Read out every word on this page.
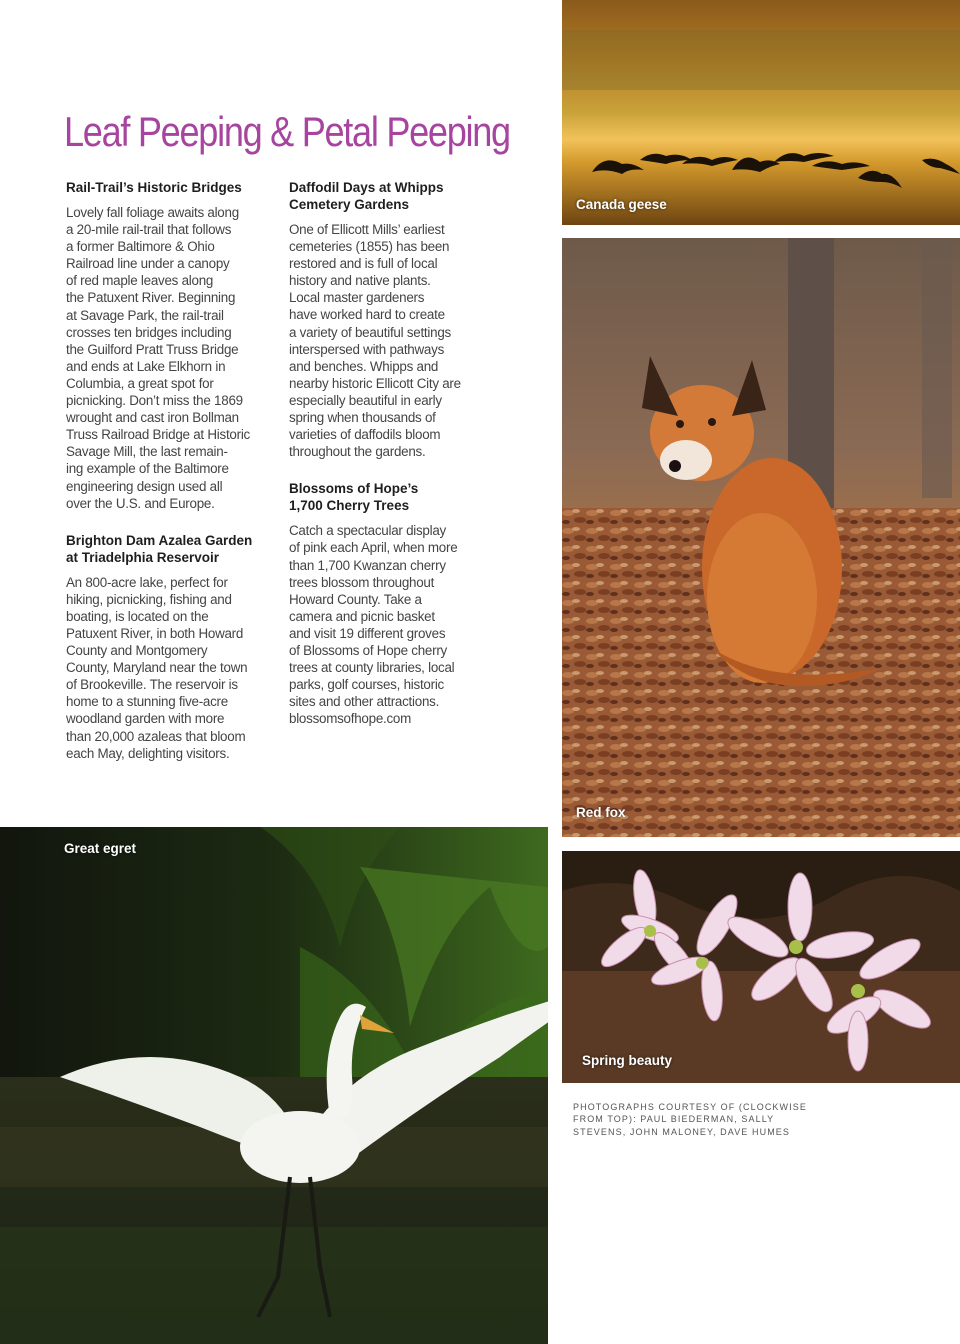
Leaf Peeping & Petal Peeping
Rail-Trail’s Historic Bridges
Lovely fall foliage awaits along
a 20-mile rail-trail that follows
a former Baltimore & Ohio
Railroad line under a canopy
of red maple leaves along
the Patuxent River. Beginning
at Savage Park, the rail-trail
crosses ten bridges including
the Guilford Pratt Truss Bridge
and ends at Lake Elkhorn in
Columbia, a great spot for
picnicking. Don’t miss the 1869
wrought and cast iron Bollman
Truss Railroad Bridge at Historic
Savage Mill, the last remain-
ing example of the Baltimore
engineering design used all
over the U.S. and Europe.
Brighton Dam Azalea Garden
at Triadelphia Reservoir
An 800-acre lake, perfect for
hiking, picnicking, fishing and
boating, is located on the
Patuxent River, in both Howard
County and Montgomery
County, Maryland near the town
of Brookeville. The reservoir is
home to a stunning five-acre
woodland garden with more
than 20,000 azaleas that bloom
each May, delighting visitors.
Daffodil Days at Whipps
Cemetery Gardens
One of Ellicott Mills’ earliest
cemeteries (1855) has been
restored and is full of local
history and native plants.
Local master gardeners
have worked hard to create
a variety of beautiful settings
interspersed with pathways
and benches. Whipps and
nearby historic Ellicott City are
especially beautiful in early
spring when thousands of
varieties of daffodils bloom
throughout the gardens.
Blossoms of Hope’s
1,700 Cherry Trees
Catch a spectacular display
of pink each April, when more
than 1,700 Kwanzan cherry
trees blossom throughout
Howard County. Take a
camera and picnic basket
and visit 19 different groves
of Blossoms of Hope cherry
trees at county libraries, local
parks, golf courses, historic
sites and other attractions.
blossomsofhope.com
Canada geese
Red fox
Great egret
Spring beauty
PHOTOGRAPHS COURTESY OF (CLOCKWISE FROM TOP): PAUL BIEDERMAN, SALLY STEVENS, JOHN MALONEY, DAVE HUMES
